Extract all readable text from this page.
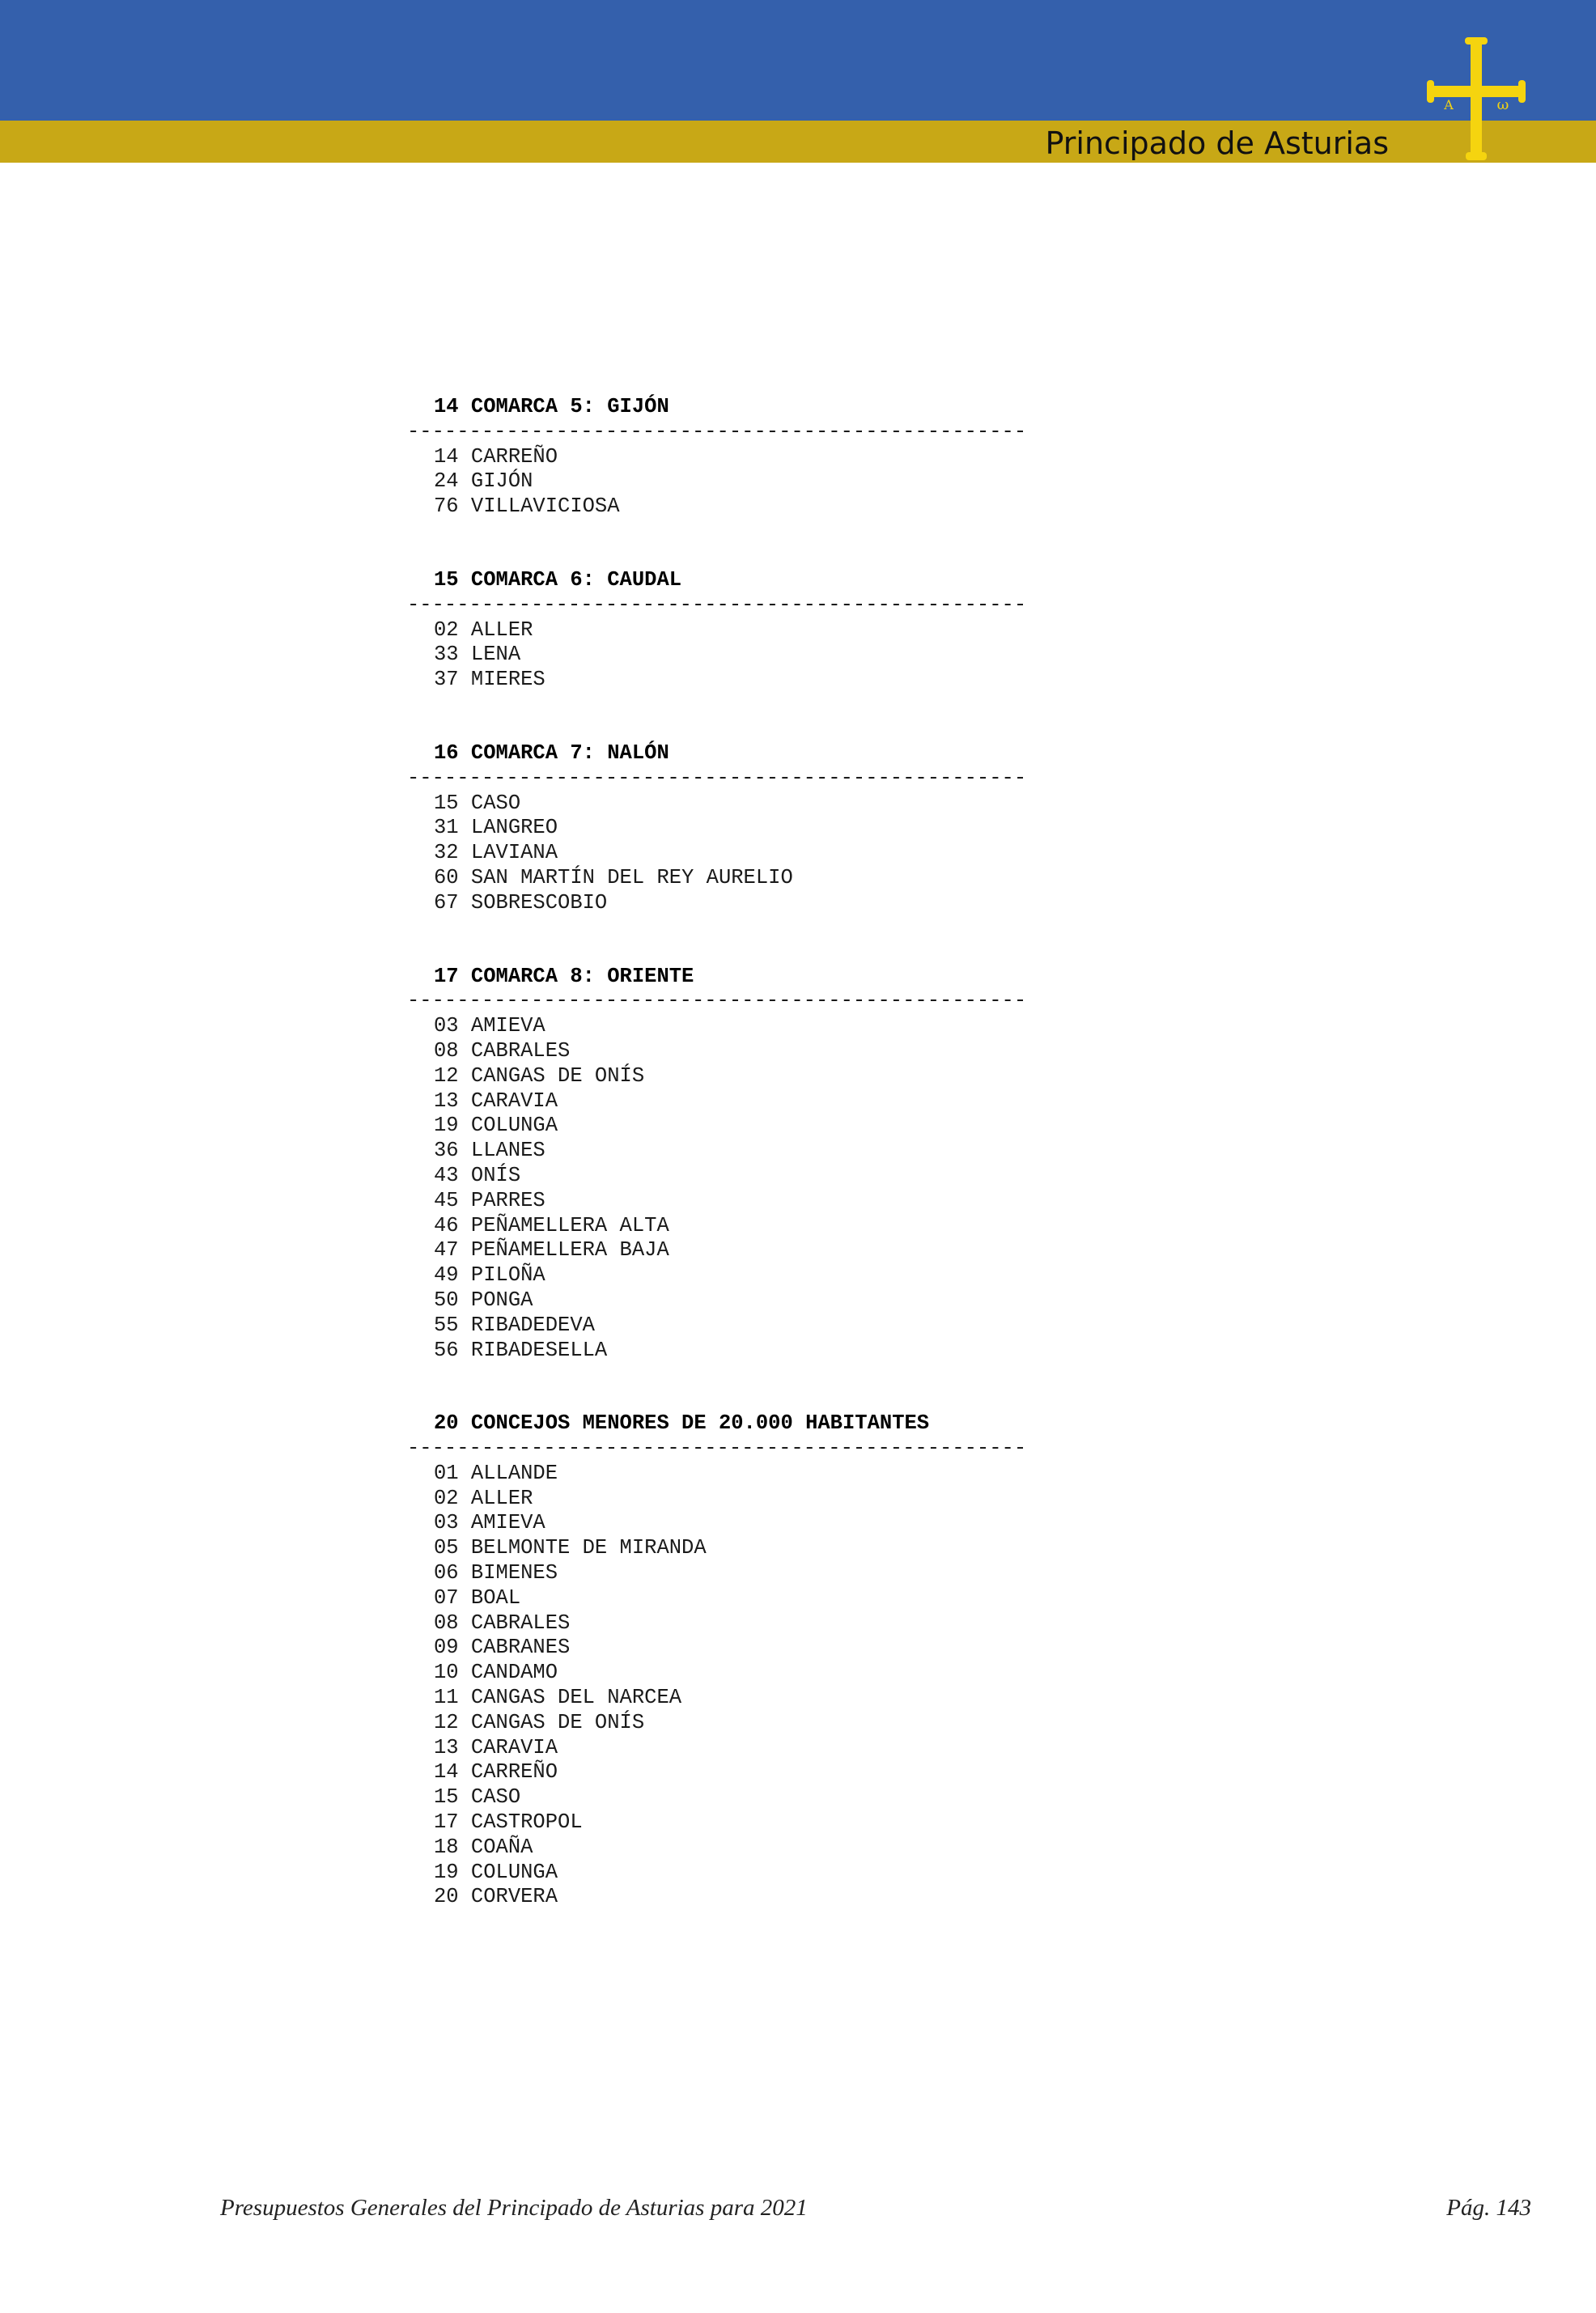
Principado de Asturias
A	ω
14 COMARCA 5: GIJÓN
--------------------------------------------------
14 CARREÑO
24 GIJÓN
76 VILLAVICIOSA
15 COMARCA 6: CAUDAL
--------------------------------------------------
02 ALLER
33 LENA
37 MIERES
16 COMARCA 7: NALÓN
--------------------------------------------------
15 CASO
31 LANGREO
32 LAVIANA
60 SAN MARTÍN DEL REY AURELIO
67 SOBRESCOBIO
17 COMARCA 8: ORIENTE
--------------------------------------------------
03 AMIEVA
08 CABRALES
12 CANGAS DE ONÍS
13 CARAVIA
19 COLUNGA
36 LLANES
43 ONÍS
45 PARRES
46 PEÑAMELLERA ALTA
47 PEÑAMELLERA BAJA
49 PILOÑA
50 PONGA
55 RIBADEDEVA
56 RIBADESELLA
20 CONCEJOS MENORES DE 20.000 HABITANTES
--------------------------------------------------
01 ALLANDE
02 ALLER
03 AMIEVA
05 BELMONTE DE MIRANDA
06 BIMENES
07 BOAL
08 CABRALES
09 CABRANES
10 CANDAMO
11 CANGAS DEL NARCEA
12 CANGAS DE ONÍS
13 CARAVIA
14 CARREÑO
15 CASO
17 CASTROPOL
18 COAÑA
19 COLUNGA
20 CORVERA
Presupuestos Generales del Principado de Asturias para 2021	Pág. 143
